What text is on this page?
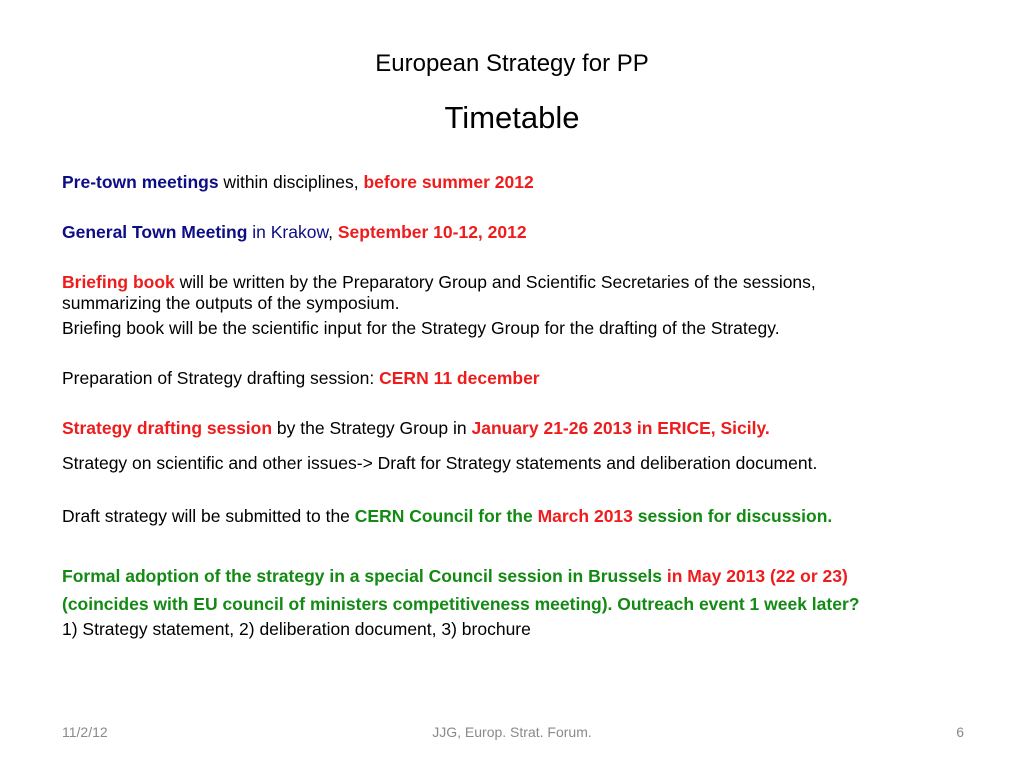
European Strategy for PP
Timetable
Pre-town meetings within disciplines, before summer 2012
General Town Meeting in Krakow, September 10-12, 2012
Briefing book will be written by the Preparatory Group and Scientific Secretaries of the sessions,
summarizing the outputs of the symposium.
Briefing book will be the scientific input for the Strategy Group for the drafting of the Strategy.
Preparation of Strategy drafting session: CERN 11 december
Strategy drafting session by the Strategy Group in January 21-26 2013 in ERICE, Sicily.
Strategy on scientific and other issues-> Draft for Strategy statements and deliberation document.
Draft strategy will be submitted to the CERN Council for the March 2013 session for discussion.
Formal adoption of the strategy in a special Council session in Brussels in May 2013 (22 or 23)
(coincides with EU council of ministers competitiveness meeting). Outreach event 1 week later?
1) Strategy statement, 2) deliberation document, 3) brochure
11/2/12	JJG, Europ. Strat. Forum.	6
